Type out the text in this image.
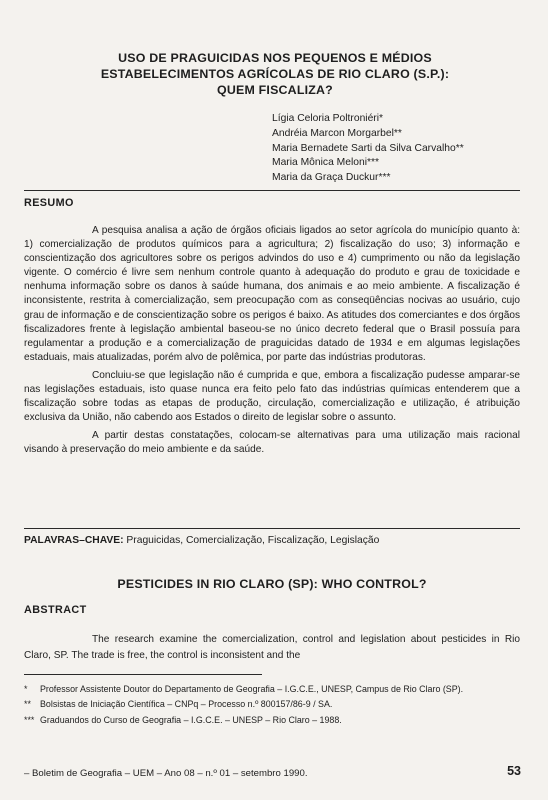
USO DE PRAGUICIDAS NOS PEQUENOS E MÉDIOS
ESTABELECIMENTOS AGRÍCOLAS DE RIO CLARO (S.P.):
QUEM FISCALIZA?
Lígia Celoria Poltroniéri*
Andréia Marcon Morgarbel**
Maria Bernadete Sarti da Silva Carvalho**
Maria Mônica Meloni***
Maria da Graça Duckur***
RESUMO

A pesquisa analisa a ação de órgãos oficiais ligados ao setor agrícola do município quanto à: 1) comercialização de produtos químicos para a agricultura; 2) fiscalização do uso; 3) informação e conscientização dos agricultores sobre os perigos advindos do uso e 4) cumprimento ou não da legislação vigente. O comércio é livre sem nenhum controle quanto à adequação do produto e grau de toxicidade e nenhuma informação sobre os danos à saúde humana, dos animais e ao meio ambiente. A fiscalização é inconsistente, restrita à comercialização, sem preocupação com as conseqüências nocivas ao usuário, cujo grau de informação e de conscientização sobre os perigos é baixo. As atitudes dos comerciantes e dos órgãos fiscalizadores frente à legislação ambiental baseou-se no único decreto federal que o Brasil possuía para regulamentar a produção e a comercialização de praguicidas datado de 1934 e em algumas legislações estaduais, mais atualizadas, porém alvo de polêmica, por parte das indústrias produtoras.

Concluiu-se que legislação não é cumprida e que, embora a fiscalização pudesse amparar-se nas legislações estaduais, isto quase nunca era feito pelo fato das indústrias químicas entenderem que a fiscalização sobre todas as etapas de produção, circulação, comercialização e utilização, é atribuição exclusiva da União, não cabendo aos Estados o direito de legislar sobre o assunto.

A partir destas constatações, colocam-se alternativas para uma utilização mais racional visando à preservação do meio ambiente e da saúde.

PALAVRAS–CHAVE: Praguicidas, Comercialização, Fiscalização, Legislação
PESTICIDES IN RIO CLARO (SP): WHO CONTROL?
ABSTRACT

The research examine the comercialization, control and legislation about pesticides in Rio Claro, SP. The trade is free, the control is inconsistent and the

* Professor Assistente Doutor do Departamento de Geografia – I.G.C.E., UNESP, Campus de Rio Claro (SP).
** Bolsistas de Iniciação Científica – CNPq – Processo n.º 800157/86-9 / SA.
*** Graduandos do Curso de Geografia – I.G.C.E. – UNESP – Rio Claro – 1988.
– Boletim de Geografia – UEM – Ano 08 – n.º 01 – setembro 1990.	53
